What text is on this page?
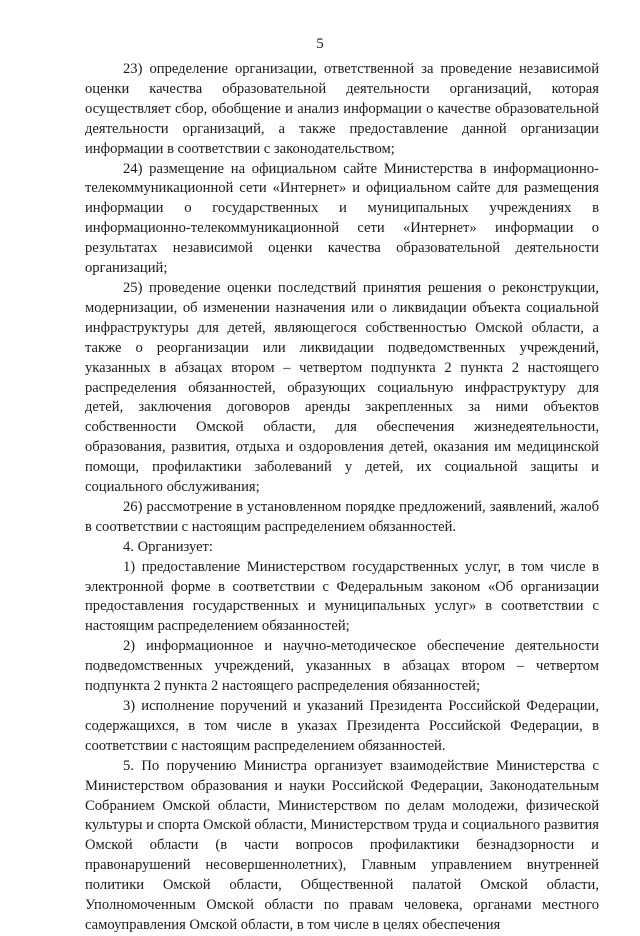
5

23) определение организации, ответственной за проведение независимой оценки качества образовательной деятельности организаций, которая осуществляет сбор, обобщение и анализ информации о качестве образовательной деятельности организаций, а также предоставление данной организации информации в соответствии с законодательством;

24) размещение на официальном сайте Министерства в информационно-телекоммуникационной сети «Интернет» и официальном сайте для размещения информации о государственных и муниципальных учреждениях в информационно-телекоммуникационной сети «Интернет» информации о результатах независимой оценки качества образовательной деятельности организаций;

25) проведение оценки последствий принятия решения о реконструкции, модернизации, об изменении назначения или о ликвидации объекта социальной инфраструктуры для детей, являющегося собственностью Омской области, а также о реорганизации или ликвидации подведомственных учреждений, указанных в абзацах втором – четвертом подпункта 2 пункта 2 настоящего распределения обязанностей, образующих социальную инфраструктуру для детей, заключения договоров аренды закрепленных за ними объектов собственности Омской области, для обеспечения жизнедеятельности, образования, развития, отдыха и оздоровления детей, оказания им медицинской помощи, профилактики заболеваний у детей, их социальной защиты и социального обслуживания;

26) рассмотрение в установленном порядке предложений, заявлений, жалоб в соответствии с настоящим распределением обязанностей.

4. Организует:

1) предоставление Министерством государственных услуг, в том числе в электронной форме в соответствии с Федеральным законом «Об организации предоставления государственных и муниципальных услуг» в соответствии с настоящим распределением обязанностей;

2) информационное и научно-методическое обеспечение деятельности подведомственных учреждений, указанных в абзацах втором – четвертом подпункта 2 пункта 2 настоящего распределения обязанностей;

3) исполнение поручений и указаний Президента Российской Федерации, содержащихся, в том числе в указах Президента Российской Федерации, в соответствии с настоящим распределением обязанностей.

5. По поручению Министра организует взаимодействие Министерства с Министерством образования и науки Российской Федерации, Законодательным Собранием Омской области, Министерством по делам молодежи, физической культуры и спорта Омской области, Министерством труда и социального развития Омской области (в части вопросов профилактики безнадзорности и правонарушений несовершеннолетних), Главным управлением внутренней политики Омской области, Общественной палатой Омской области, Уполномоченным Омской области по правам человека, органами местного самоуправления Омской области, в том числе в целях обеспечения
